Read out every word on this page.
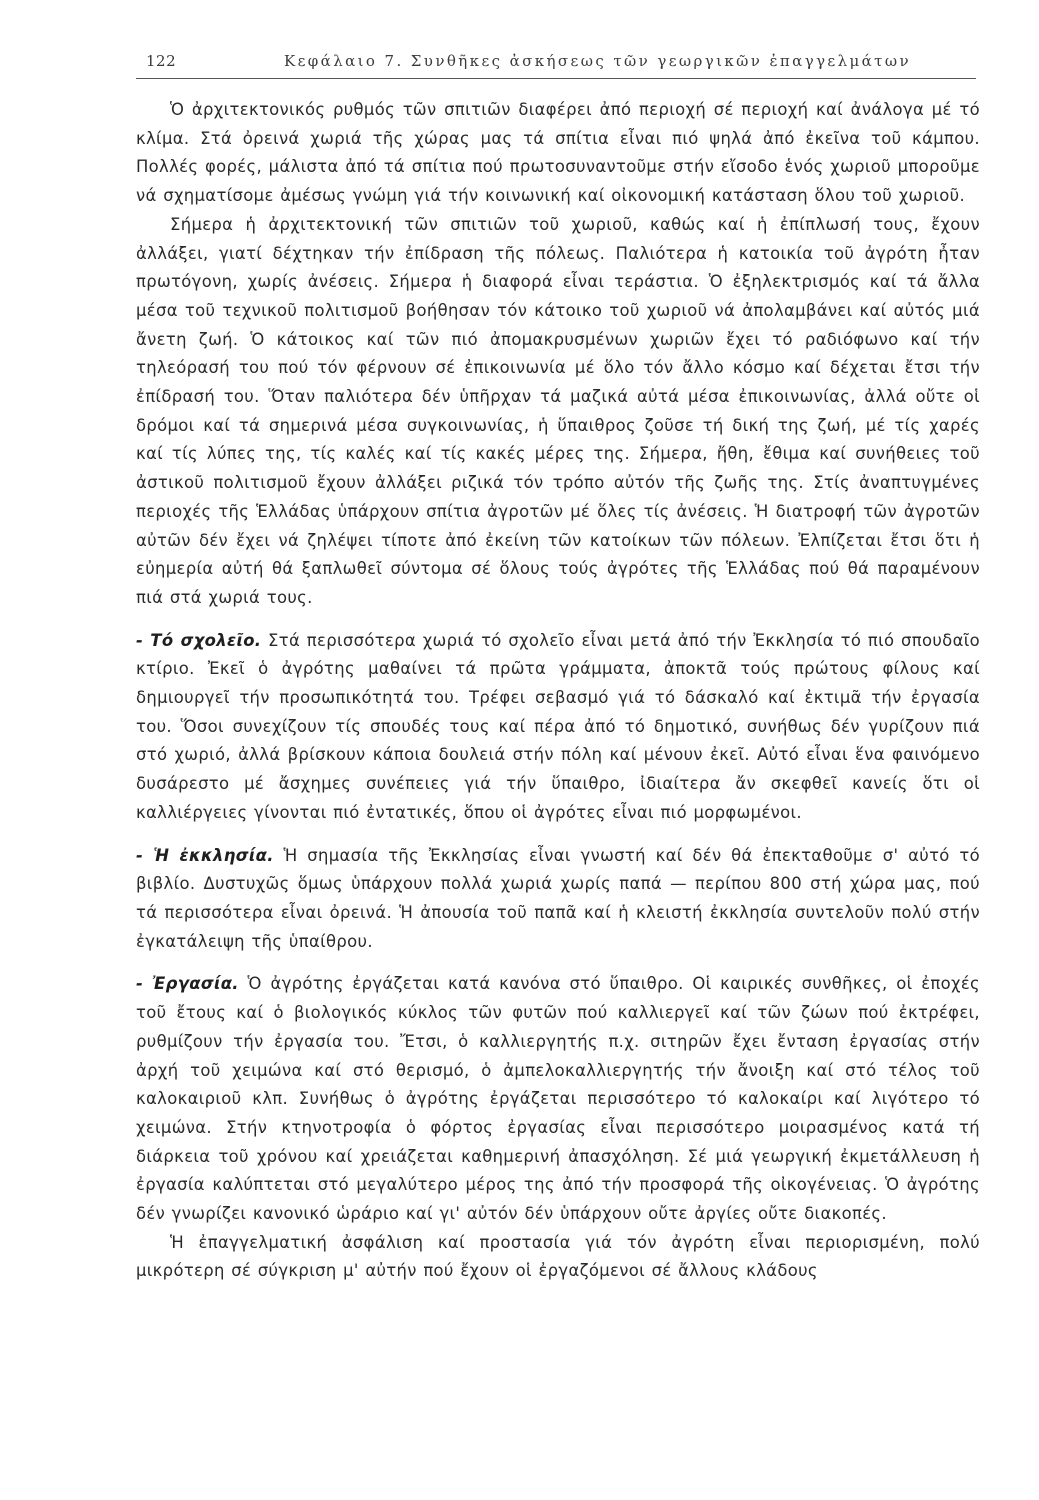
122	Κεφάλαιο 7. Συνθῆκες ἀσκήσεως τῶν γεωργικῶν ἐπαγγελμάτων

Ὁ ἀρχιτεκτονικός ρυθμός τῶν σπιτιῶν διαφέρει ἀπό περιοχή σέ περιοχή καί ἀνάλογα μέ τό κλίμα. Στά ὀρεινά χωριά τῆς χώρας μας τά σπίτια εἶναι πιό ψηλά ἀπό ἐκεῖνα τοῦ κάμπου. Πολλές φορές, μάλιστα ἀπό τά σπίτια πού πρωτοσυναντοῦμε στήν εἴσοδο ἑνός χωριοῦ μποροῦμε νά σχηματίσομε ἀμέσως γνώμη γιά τήν κοινωνική καί οἰκονομική κατάσταση ὅλου τοῦ χωριοῦ.

Σήμερα ἡ ἀρχιτεκτονική τῶν σπιτιῶν τοῦ χωριοῦ, καθώς καί ἡ ἐπίπλωσή τους, ἔχουν ἀλλάξει, γιατί δέχτηκαν τήν ἐπίδραση τῆς πόλεως. Παλιότερα ἡ κατοικία τοῦ ἀγρότη ἦταν πρωτόγονη, χωρίς ἀνέσεις. Σήμερα ἡ διαφορά εἶναι τεράστια. Ὁ ἐξηλεκτρισμός καί τά ἄλλα μέσα τοῦ τεχνικοῦ πολιτισμοῦ βοήθησαν τόν κάτοικο τοῦ χωριοῦ νά ἀπολαμβάνει καί αὐτός μιά ἄνετη ζωή. Ὁ κάτοικος καί τῶν πιό ἀπομακρυσμένων χωριῶν ἔχει τό ραδιόφωνο καί τήν τηλεόρασή του πού τόν φέρνουν σέ ἐπικοινωνία μέ ὅλο τόν ἄλλο κόσμο καί δέχεται ἔτσι τήν ἐπίδρασή του. Ὅταν παλιότερα δέν ὑπῆρχαν τά μαζικά αὐτά μέσα ἐπικοινωνίας, ἀλλά οὔτε οἱ δρόμοι καί τά σημερινά μέσα συγκοινωνίας, ἡ ὕπαιθρος ζοῦσε τή δική της ζωή, μέ τίς χαρές καί τίς λύπες της, τίς καλές καί τίς κακές μέρες της. Σήμερα, ἤθη, ἔθιμα καί συνήθειες τοῦ ἀστικοῦ πολιτισμοῦ ἔχουν ἀλλάξει ριζικά τόν τρόπο αὐτόν τῆς ζωῆς της. Στίς ἀναπτυγμένες περιοχές τῆς Ἑλλάδας ὑπάρχουν σπίτια ἀγροτῶν μέ ὅλες τίς ἀνέσεις. Ἡ διατροφή τῶν ἀγροτῶν αὐτῶν δέν ἔχει νά ζηλέψει τίποτε ἀπό ἐκείνη τῶν κατοίκων τῶν πόλεων. Ἐλπίζεται ἔτσι ὅτι ἡ εὐημερία αὐτή θά ξαπλωθεῖ σύντομα σέ ὅλους τούς ἀγρότες τῆς Ἑλλάδας πού θά παραμένουν πιά στά χωριά τους.

- Τό σχολεῖο. Στά περισσότερα χωριά τό σχολεῖο εἶναι μετά ἀπό τήν Ἐκκλησία τό πιό σπουδαῖο κτίριο. Ἐκεῖ ὁ ἀγρότης μαθαίνει τά πρῶτα γράμματα, ἀποκτᾶ τούς πρώτους φίλους καί δημιουργεῖ τήν προσωπικότητά του. Τρέφει σεβασμό γιά τό δάσκαλό καί ἐκτιμᾶ τήν ἐργασία του. Ὅσοι συνεχίζουν τίς σπουδές τους καί πέρα ἀπό τό δημοτικό, συνήθως δέν γυρίζουν πιά στό χωριό, ἀλλά βρίσκουν κάποια δουλειά στήν πόλη καί μένουν ἐκεῖ. Αὐτό εἶναι ἕνα φαινόμενο δυσάρεστο μέ ἄσχημες συνέπειες γιά τήν ὕπαιθρο, ἰδιαίτερα ἄν σκεφθεῖ κανείς ὅτι οἱ καλλιέργειες γίνονται πιό ἐντατικές, ὅπου οἱ ἀγρότες εἶναι πιό μορφωμένοι.

- Ἡ ἐκκλησία. Ἡ σημασία τῆς Ἐκκλησίας εἶναι γνωστή καί δέν θά ἐπεκταθοῦμε σ' αὐτό τό βιβλίο. Δυστυχῶς ὅμως ὑπάρχουν πολλά χωριά χωρίς παπά — περίπου 800 στή χώρα μας, πού τά περισσότερα εἶναι ὀρεινά. Ἡ ἀπουσία τοῦ παπᾶ καί ἡ κλειστή ἐκκλησία συντελοῦν πολύ στήν ἐγκατάλειψη τῆς ὑπαίθρου.

- Ἐργασία. Ὁ ἀγρότης ἐργάζεται κατά κανόνα στό ὕπαιθρο. Οἱ καιρικές συνθῆκες, οἱ ἐποχές τοῦ ἔτους καί ὁ βιολογικός κύκλος τῶν φυτῶν πού καλλιεργεῖ καί τῶν ζώων πού ἐκτρέφει, ρυθμίζουν τήν ἐργασία του. Ἔτσι, ὁ καλλιεργητής π.χ. σιτηρῶν ἔχει ἔνταση ἐργασίας στήν ἀρχή τοῦ χειμώνα καί στό θερισμό, ὁ ἀμπελοκαλλιεργητής τήν ἄνοιξη καί στό τέλος τοῦ καλοκαιριοῦ κλπ. Συνήθως ὁ ἀγρότης ἐργάζεται περισσότερο τό καλοκαίρι καί λιγότερο τό χειμώνα. Στήν κτηνοτροφία ὁ φόρτος ἐργασίας εἶναι περισσότερο μοιρασμένος κατά τή διάρκεια τοῦ χρόνου καί χρειάζεται καθημερινή ἀπασχόληση. Σέ μιά γεωργική ἐκμετάλλευση ἡ ἐργασία καλύπτεται στό μεγαλύτερο μέρος της ἀπό τήν προσφορά τῆς οἰκογένειας. Ὁ ἀγρότης δέν γνωρίζει κανονικό ὡράριο καί γι' αὐτόν δέν ὑπάρχουν οὔτε ἀργίες οὔτε διακοπές.

Ἡ ἐπαγγελματική ἀσφάλιση καί προστασία γιά τόν ἀγρότη εἶναι περιορισμένη, πολύ μικρότερη σέ σύγκριση μ' αὐτήν πού ἔχουν οἱ ἐργαζόμενοι σέ ἄλλους κλάδους
